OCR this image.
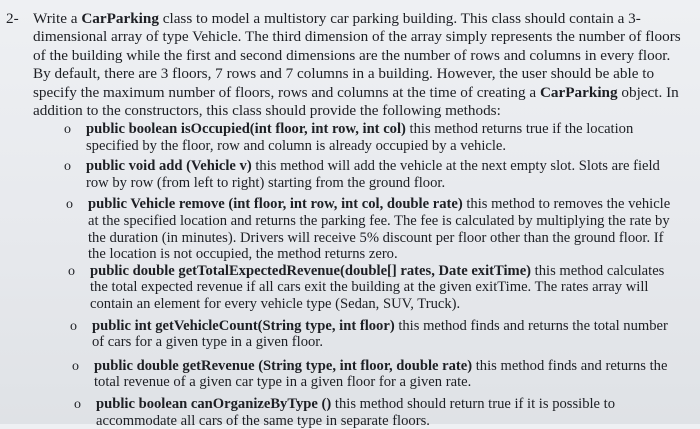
2- Write a CarParking class to model a multistory car parking building. This class should contain a 3-dimensional array of type Vehicle. The third dimension of the array simply represents the number of floors of the building while the first and second dimensions are the number of rows and columns in every floor. By default, there are 3 floors, 7 rows and 7 columns in a building. However, the user should be able to specify the maximum number of floors, rows and columns at the time of creating a CarParking object. In addition to the constructors, this class should provide the following methods:
o public boolean isOccupied(int floor, int row, int col) this method returns true if the location specified by the floor, row and column is already occupied by a vehicle.
o public void add (Vehicle v) this method will add the vehicle at the next empty slot. Slots are field row by row (from left to right) starting from the ground floor.
o public Vehicle remove (int floor, int row, int col, double rate) this method to removes the vehicle at the specified location and returns the parking fee. The fee is calculated by multiplying the rate by the duration (in minutes). Drivers will receive 5% discount per floor other than the ground floor. If the location is not occupied, the method returns zero.
o public double getTotalExpectedRevenue(double[] rates, Date exitTime) this method calculates the total expected revenue if all cars exit the building at the given exitTime. The rates array will contain an element for every vehicle type (Sedan, SUV, Truck).
o public int getVehicleCount(String type, int floor) this method finds and returns the total number of cars for a given type in a given floor.
o public double getRevenue (String type, int floor, double rate) this method finds and returns the total revenue of a given car type in a given floor for a given rate.
o public boolean canOrganizeByType () this method should return true if it is possible to accommodate all cars of the same type in separate floors.
